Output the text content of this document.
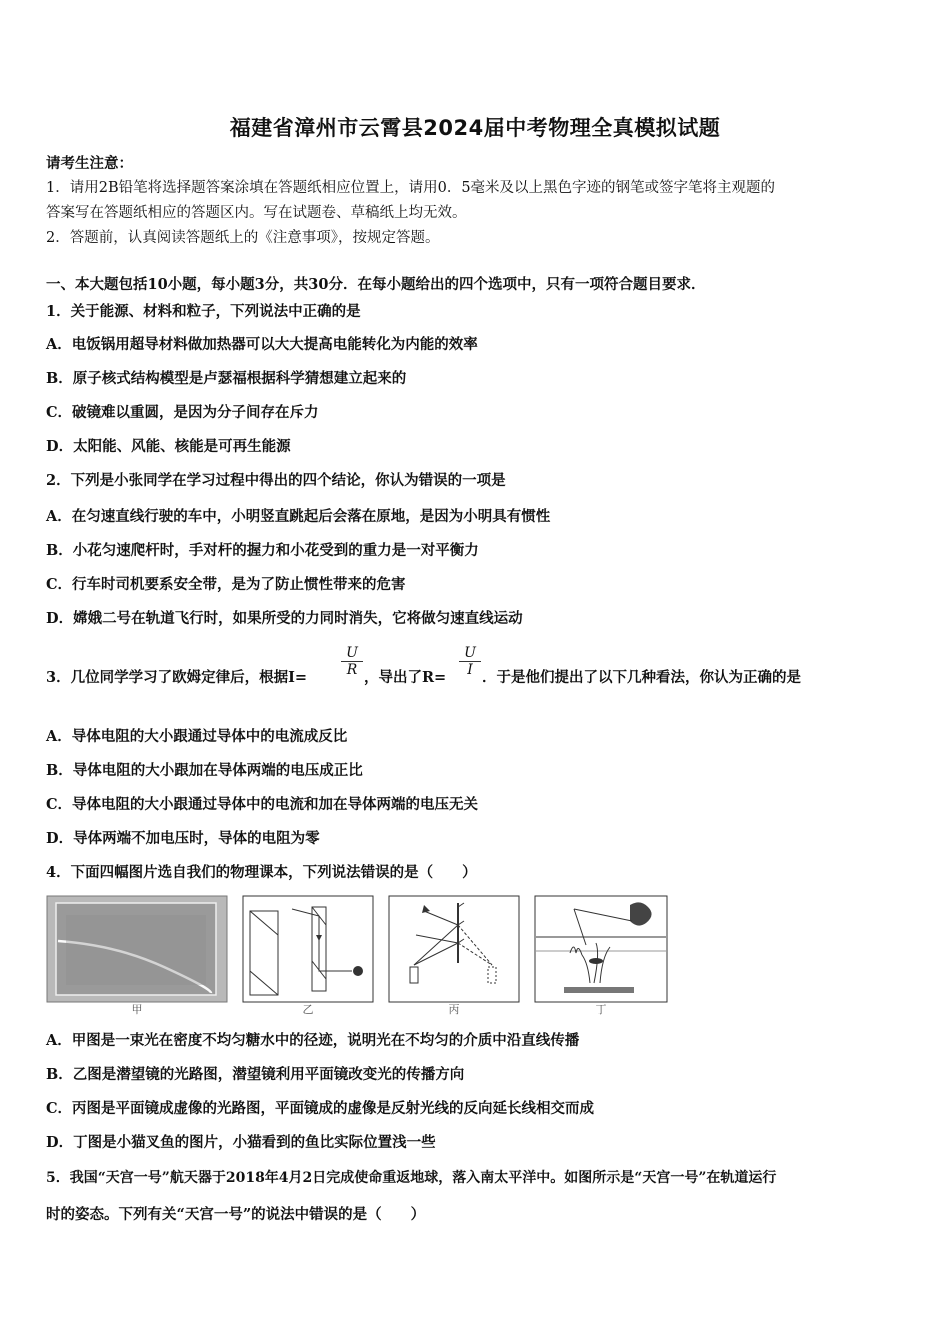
福建省漳州市云霄县2024届中考物理全真模拟试题
请考生注意：
1．请用2B铅笔将选择题答案涂填在答题纸相应位置上，请用0．5毫米及以上黑色字迹的钢笔或签字笔将主观题的
答案写在答题纸相应的答题区内。写在试题卷、草稿纸上均无效。
2．答题前，认真阅读答题纸上的《注意事项》，按规定答题。
一、本大题包括10小题，每小题3分，共30分．在每小题给出的四个选项中，只有一项符合题目要求．
1．关于能源、材料和粒子，下列说法中正确的是
A．电饭锅用超导材料做加热器可以大大提高电能转化为内能的效率
B．原子核式结构模型是卢瑟福根据科学猜想建立起来的
C．破镜难以重圆，是因为分子间存在斥力
D．太阳能、风能、核能是可再生能源
2．下列是小张同学在学习过程中得出的四个结论，你认为错误的一项是
A．在匀速直线行驶的车中，小明竖直跳起后会落在原地，是因为小明具有惯性
B．小花匀速爬杆时，手对杆的握力和小花受到的重力是一对平衡力
C．行车时司机要系安全带，是为了防止惯性带来的危害
D．嫦娥二号在轨道飞行时，如果所受的力同时消失，它将做匀速直线运动
3．几位同学学习了欧姆定律后，根据$I= \frac{U}{R}$ ，导出了$R= \frac{U}{I}$ ．于是他们提出了以下几种看法，你认为正确的是
A．导体电阻的大小跟通过导体中的电流成反比
B．导体电阻的大小跟加在导体两端的电压成正比
C．导体电阻的大小跟通过导体中的电流和加在导体两端的电压无关
D．导体两端不加电压时，导体的电阻为零
4．下面四幅图片选自我们的物理课本，下列说法错误的是（　　）
甲	乙	丙	丁
A．甲图是一束光在密度不均匀糖水中的径迹，说明光在不均匀的介质中沿直线传播
B．乙图是潜望镜的光路图，潜望镜利用平面镜改变光的传播方向
C．丙图是平面镜成虚像的光路图，平面镜成的虚像是反射光线的反向延长线相交而成
D．丁图是小猫叉鱼的图片，小猫看到的鱼比实际位置浅一些
5．我国“天宫一号”航天器于2018年4月2日完成使命重返地球，落入南太平洋中。如图所示是“天宫一号”在轨道运行
时的姿态。下列有关“天宫一号”的说法中错误的是（　　）
